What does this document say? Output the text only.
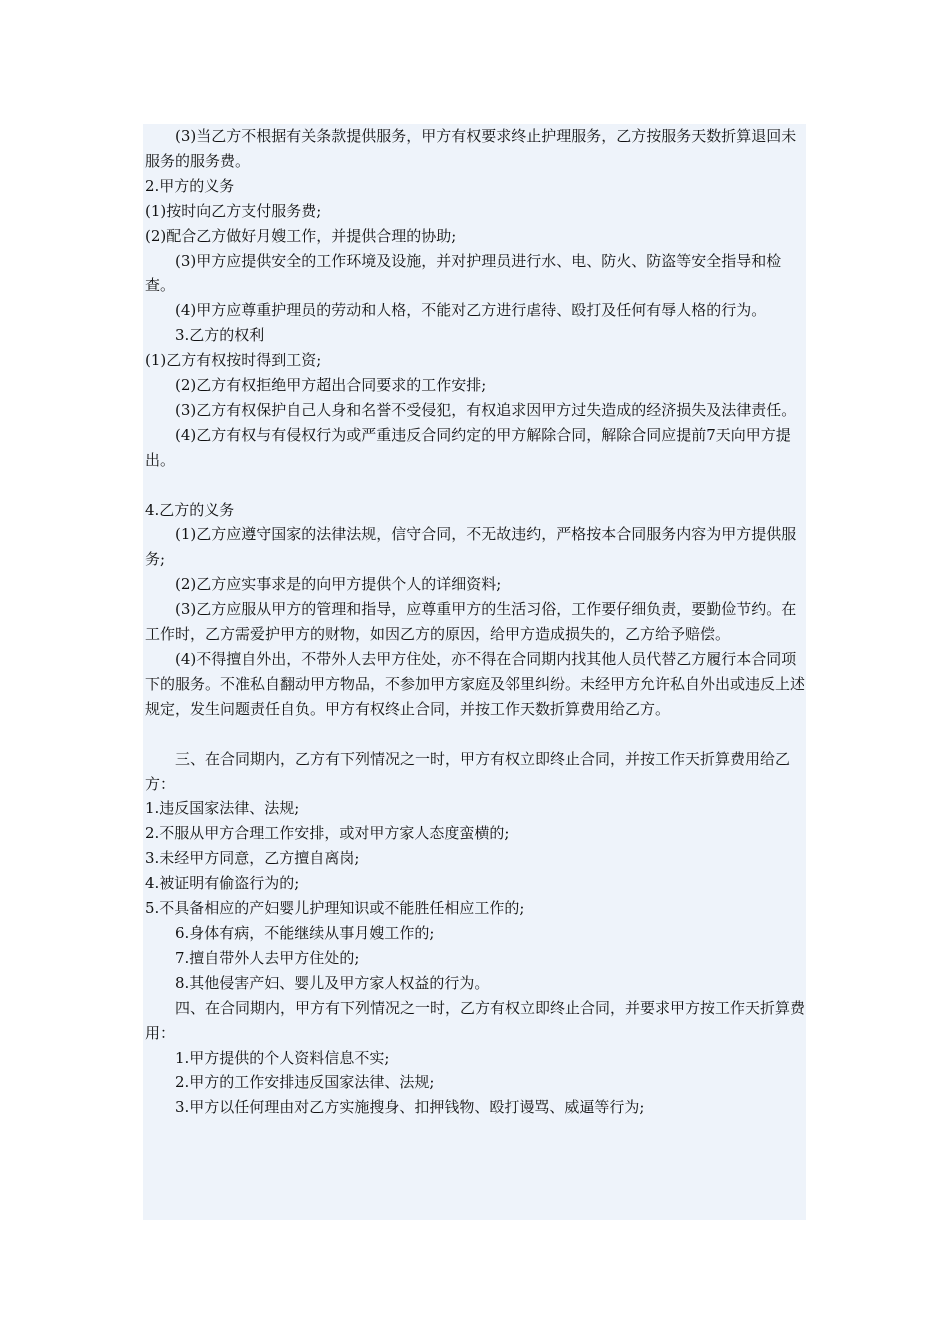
(3)当乙方不根据有关条款提供服务，甲方有权要求终止护理服务，乙方按服务天数折算退回未服务的服务费。

2.甲方的义务

(1)按时向乙方支付服务费;

(2)配合乙方做好月嫂工作，并提供合理的协助;

(3)甲方应提供安全的工作环境及设施，并对护理员进行水、电、防火、防盗等安全指导和检查。

(4)甲方应尊重护理员的劳动和人格，不能对乙方进行虐待、殴打及任何有辱人格的行为。

3.乙方的权利

(1)乙方有权按时得到工资;

(2)乙方有权拒绝甲方超出合同要求的工作安排;

(3)乙方有权保护自己人身和名誉不受侵犯，有权追求因甲方过失造成的经济损失及法律责任。

(4)乙方有权与有侵权行为或严重违反合同约定的甲方解除合同，解除合同应提前7天向甲方提出。

4.乙方的义务

(1)乙方应遵守国家的法律法规，信守合同，不无故违约，严格按本合同服务内容为甲方提供服务;

(2)乙方应实事求是的向甲方提供个人的详细资料;

(3)乙方应服从甲方的管理和指导，应尊重甲方的生活习俗，工作要仔细负责，要勤俭节约。在工作时，乙方需爱护甲方的财物，如因乙方的原因，给甲方造成损失的，乙方给予赔偿。

(4)不得擅自外出，不带外人去甲方住处，亦不得在合同期内找其他人员代替乙方履行本合同项下的服务。不准私自翻动甲方物品，不参加甲方家庭及邻里纠纷。未经甲方允许私自外出或违反上述规定，发生问题责任自负。甲方有权终止合同，并按工作天数折算费用给乙方。

三、在合同期内，乙方有下列情况之一时，甲方有权立即终止合同，并按工作天折算费用给乙方：

1.违反国家法律、法规;

2.不服从甲方合理工作安排，或对甲方家人态度蛮横的;

3.未经甲方同意，乙方擅自离岗;

4.被证明有偷盗行为的;

5.不具备相应的产妇婴儿护理知识或不能胜任相应工作的;

6.身体有病，不能继续从事月嫂工作的;

7.擅自带外人去甲方住处的;

8.其他侵害产妇、婴儿及甲方家人权益的行为。

四、在合同期内，甲方有下列情况之一时，乙方有权立即终止合同，并要求甲方按工作天折算费用：

1.甲方提供的个人资料信息不实;

2.甲方的工作安排违反国家法律、法规;

3.甲方以任何理由对乙方实施搜身、扣押钱物、殴打谩骂、威逼等行为;
